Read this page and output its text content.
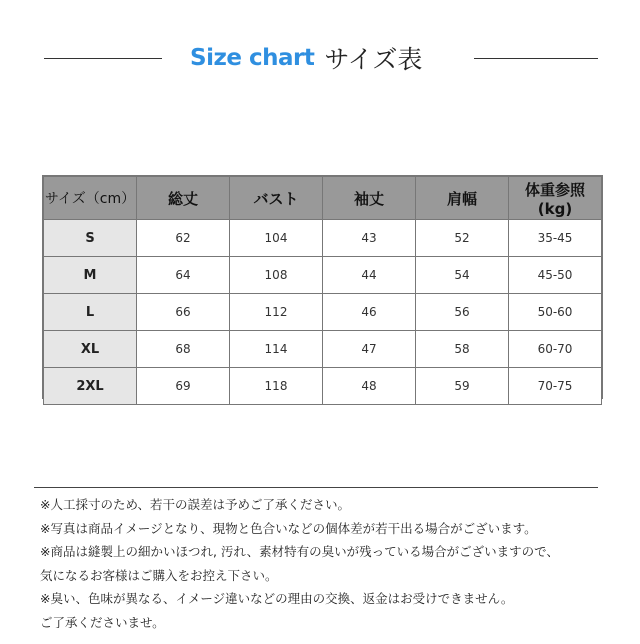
Size chart サイズ表
サイズ（cm）	総丈	バスト	袖丈	肩幅	体重参照(kg)
S	62	104	43	52	35-45
M	64	108	44	54	45-50
L	66	112	46	56	50-60
XL	68	114	47	58	60-70
2XL	69	118	48	59	70-75
※人工採寸のため、若干の誤差は予めご了承ください。
※写真は商品イメージとなり、現物と色合いなどの個体差が若干出る場合がございます。
※商品は縫製上の細かいほつれ, 汚れ、素材特有の臭いが残っている場合がございますので、
気になるお客様はご購入をお控え下さい。
※臭い、色味が異なる、イメージ違いなどの理由の交換、返金はお受けできません。
ご了承くださいませ。
